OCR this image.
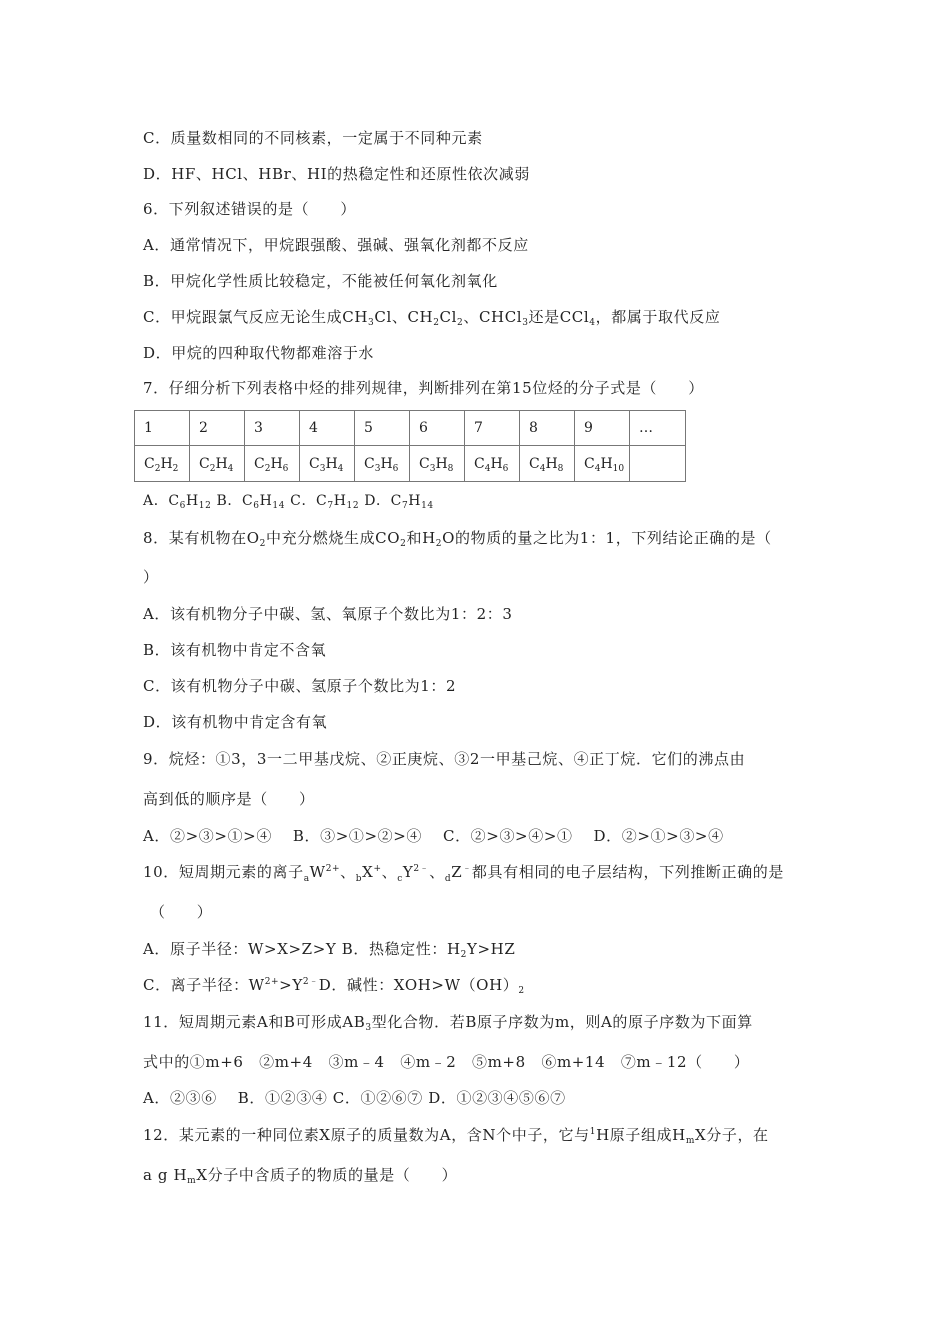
C．质量数相同的不同核素，一定属于不同种元素
D．HF、HCl、HBr、HI的热稳定性和还原性依次减弱
6．下列叙述错误的是（　　）
A．通常情况下，甲烷跟强酸、强碱、强氧化剂都不反应
B．甲烷化学性质比较稳定，不能被任何氧化剂氧化
C．甲烷跟氯气反应无论生成$CH_3Cl$、$CH_2Cl_2$、CHCl$_3$还是CCl$_4$，都属于取代反应
D．甲烷的四种取代物都难溶于水
7．仔细分析下列表格中烃的排列规律，判断排列在第15位烃的分子式是（　　）
1	2	3	4	5	6	7	8	9	…
$C_2H_2$	$C_2H_4$	$C_2H_6$	$C_3H_4$	$C_3H_6$	$C_3H_8$	$C_4H_6$	$C_4H_8$	$C_4H_{10}$	
A．$C_6H_{12}$ B．$C_6H_{14}$ C．$C_7H_{12}$ D．$C_7H_{14}$
8．某有机物在$O_2$中充分燃烧生成$CO_2$和$H_2O$的物质的量之比为1：1，下列结论正确的是（
）
A．该有机物分子中碳、氢、氧原子个数比为1：2：3
B．该有机物中肯定不含氧
C．该有机物分子中碳、氢原子个数比为1：2
D．该有机物中肯定含有氧
9．烷烃：①3，3一二甲基戊烷、②正庚烷、③2一甲基己烷、④正丁烷．它们的沸点由
高到低的顺序是（　　）
A．②>③>①>④　 B．③>①>②>④　 C．②>③>④>①　 D．②>①>③>④
10．短周期元素的离子$_aW^{2+}$、$_b$X+、$_cY^{2﹣}$、$_d$Z﹣都具有相同的电子层结构，下列推断正确的是
（　　）
A．原子半径：W>X>Z>Y B．热稳定性：$H_2Y>HZ$
C．离子半径：$W^{2+}>Y^{2﹣}D$．碱性：$XOH>W(OH)_2$
11．短周期元素A和B可形成$AB_3$型化合物．若B原子序数为m，则A的原子序数为下面算
式中的①m+6　②m+4　③m﹣4　④m﹣2　⑤m+8　⑥m+14　⑦m﹣12（　　）
A．②③⑥　 B．①②③④ C．①②⑥⑦ D．①②③④⑤⑥⑦
12．某元素的一种同位素X原子的质量数为A，含N个中子，它与$^1$H原子组成$H_mX$分子，在
a g $H_mX$分子中含质子的物质的量是（　　）
